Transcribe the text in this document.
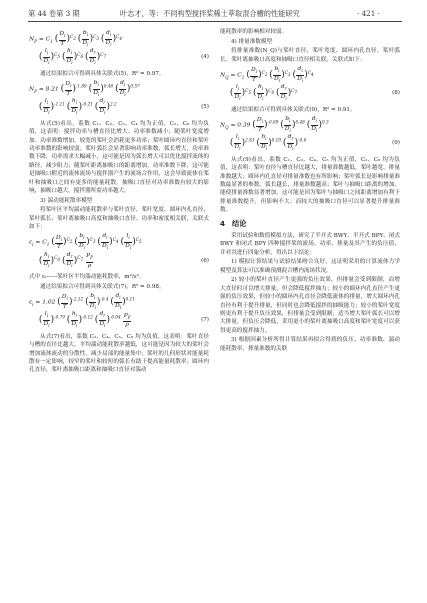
第 44 卷第 3 期	叶志才，等：不同构型搅拌桨稀土萃取混合槽的性能研究	· 421 ·
$N_P = C_1$ ( $\frac{D_i}{T} )^{C_2}$ ( $\frac{b_i}{D_i} )^{C_3}$ ( $\frac{d_i}{D_i} )^{C_4}$
( $\frac{l_i}{D_i} )^{C_5}$ ( $\frac{h_i}{D_i} )^{C_6}$ ( $\frac{d_r}{D_i} )^{C_7}$	(4)

通过结果拟合可得到具体关联式(5)，R² = 0.97。

$N_P = 8.21$ ( $\frac{D_i}{T} )^{-1.80}$ ( $\frac{b_i}{D_i} )^{0.46}$ ( $\frac{d_i}{D_i} )^{0.57}$
( $\frac{l_i}{D_i} )^{-1.11}$ ( $\frac{h_i}{D_i} )^{-0.21}$ ( $\frac{d_r}{D_i} )^{2.2}$	(5)

从式(5)看出，系数 C₁、C₂、C₃、C₄ 均为正值，C₅、C₆ 均为负值，这表明：搅拌功率与槽直径比增大、功率准数减小；随桨叶宽度增加、功率准数增加，较宽的桨叶会消耗更多功率；桨叶圆环内直径和桨叶功率准数的影响较弱；桨叶弧长会显著影响功率准数，弧长增大，功率准数下降，功率需求大幅减小，这可能是因为弧长增大可以优化搅拌流体的路径，减少阻力；随桨叶距离抽吸口的距离增加，功率准数下降，这可能是抽吸口附近的流体流场与搅拌器产生的流场合作用，这会导致流体在桨叶和抽吸口之间有更多的能量耗散，抽吸口直径对功率准数有较大的影响，抽吸口越大，搅拌器所需功率越大。

3) 湍动能耗散率模型

将桨叶区平均湍动能耗散率与桨叶直径、桨叶宽度、圆环内孔直径、桨叶弧长、桨叶离抽吸口高度和抽吸口直径、功率和密度相关联，关联式如下：

$\varepsilon_i = C_1$ ( $\frac{D_i}{T} )^{C_2}$ ( $\frac{b_i}{D_i} )^{C_3}$ ( $\frac{d_i}{D_i} )^{C_4}$ ( $\frac{l_i}{D_i} )^{C_5}$
( $\frac{h_i}{D_i} )^{C_6}$ ( $\frac{d_r}{D_i} )^{C_7} \frac{P_P}{\rho}$	(6)

式中 εᵢ——桨叶区平均湍动能耗散率，m²/s³。

通过结果拟合可得到具体关联式(7)，R² = 0.98。

$\varepsilon_i = 1.02$ ( $\frac{D_i}{T} )^{-2.32}$ ( $\frac{b_i}{D_i} )^{-0.4}$ ( $\frac{d_i}{D_i} )^{0.11}$
( $\frac{l_i}{D_i} )^{-0.79}$ ( $\frac{h_i}{D_i} )^{-0.12}$ ( $\frac{d_r}{D_i} )^{-0.04} \frac{P_P}{\rho}$	(7)

从式(7)看出，系数 C₂、C₄、C₅、C₆ 均为负值，这表明：桨叶直径与槽的直径比越大，平均湍动能耗散率越低，这可能是因为较大的桨叶会增加流体流动的分散性，减少局部的能量集中；桨叶的几何形状对能量耗散有一定影响，较窄的桨叶和较短的弧长有助于提高能量耗散率；圆环内孔直径、桨叶离抽吸口距离和抽吸口直径对湍动

能耗散率的影响相对较弱。

4) 排量准数模型

将排量准数(N_Q)与桨叶直径、桨叶宽度、圆环内孔直径、桨叶弧长、桨叶离抽吸口高度和抽吸口直径相关联，关联式如下：

$N_Q = C_1$ ( $\frac{D_i}{T} )^{C_2}$ ( $\frac{b_i}{D_i} )^{C_3}$ ( $\frac{d_i}{D_i} )^{C_4}$
( $\frac{l_i}{D_i} )^{C_5}$ ( $\frac{h_i}{D_i} )^{C_6}$ ( $\frac{d_r}{D_i} )^{C_7}$	(8)

通过结果拟合可得到具体关联式(9)，R² = 0.91。

$N_Q = 0.39$ ( $\frac{D_i}{T} )^{-0.69}$ ( $\frac{b_i}{D_i} )^{0.48}$ ( $\frac{d_i}{D_i} )^{0.3}$
( $\frac{l_i}{D_i} )^{2.81}$ ( $\frac{h_i}{D_i} )^{0.10}$ ( $\frac{d_r}{D_i} )^{-0.6}$	(9)

从式(9)看出，系数 C₁、C₃、C₄、C₅ 均为正值，C₂、C₆ 均为负值，这表明：桨叶直径与槽直径比越大，排量准数越低，桨叶越宽，排量准数越大；圆环内孔直径对排量准数也有所影响；桨叶弧长是影响排量准数最显著的参数，弧长越长，排量准数越高；桨叶与抽吸口距离的增加，能使排量准数显著增加，这可能是因为桨叶与抽吸口之间距离增加有利于排量准数提升，但影响不大；而较大的抽吸口直径可以显著提升排量准数。

4 结论

采用试验和数值模拟方法，研究了半开式 BWY、半开式 BPY、闭式 BWY 和闭式 BPY 四种搅拌桨的流场、功率、排量及其产生的负压值，并对其进行四象分析，得出以下结论：

1) 模拟计算结果与试验结果吻合良好，这证明采用的计算流体力学模型及算法可以准确预测混合槽内流场状况。

2) 较小的桨叶直径产生更强的负压效果，但排量会受到限制，而增大直径时可以增大排量，但会降低搅拌抽力；较小的圆环内孔直径产生更强的负压效果，但较小的圆环内孔直径会降低流体的排量，增大圆环内孔直径有利于提升排量，但同时也会降低搅拌的抽吸能力；较小的桨叶宽度则更有利于提升负压效果，但排量会受到限制；适当增大桨叶弧长可以增大排量，但负压会降低，采用更小的桨叶离抽吸口高度和桨叶宽度可以获得更高的搅拌抽力。

3) 根据因素分析所得计算结果再拟合得到的负压、功率准数、湍动能耗散率、排量准数的关联
